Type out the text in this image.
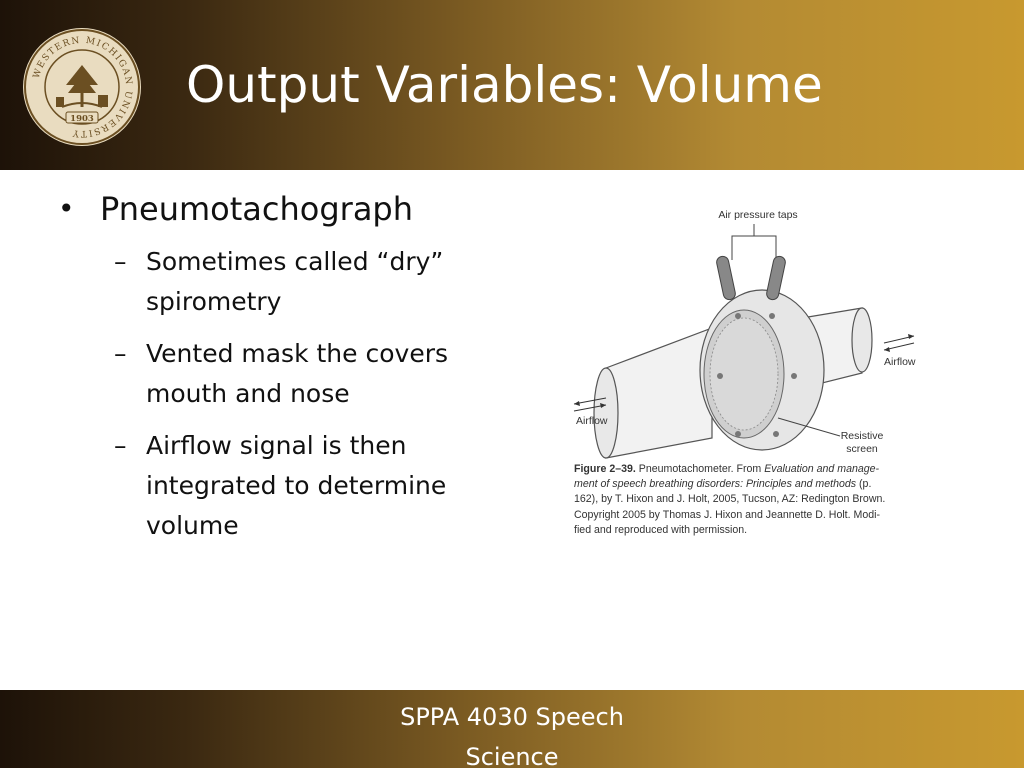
WESTERN MICHIGAN UNIVERSITY
1903
Output Variables: Volume
• Pneumotachograph
– Sometimes called “dry”
spirometry
– Vented mask the covers
mouth and nose
– Airflow signal is then
integrated to determine
volume
Air pressure taps
Airflow
Airflow
Resistive
screen
Figure 2–39. Pneumotachometer. From Evaluation and manage-
ment of speech breathing disorders: Principles and methods (p.
162), by T. Hixon and J. Holt, 2005, Tucson, AZ: Redington Brown.
Copyright 2005 by Thomas J. Hixon and Jeannette D. Holt. Modi-
fied and reproduced with permission.
SPPA 4030 Speech
Science
